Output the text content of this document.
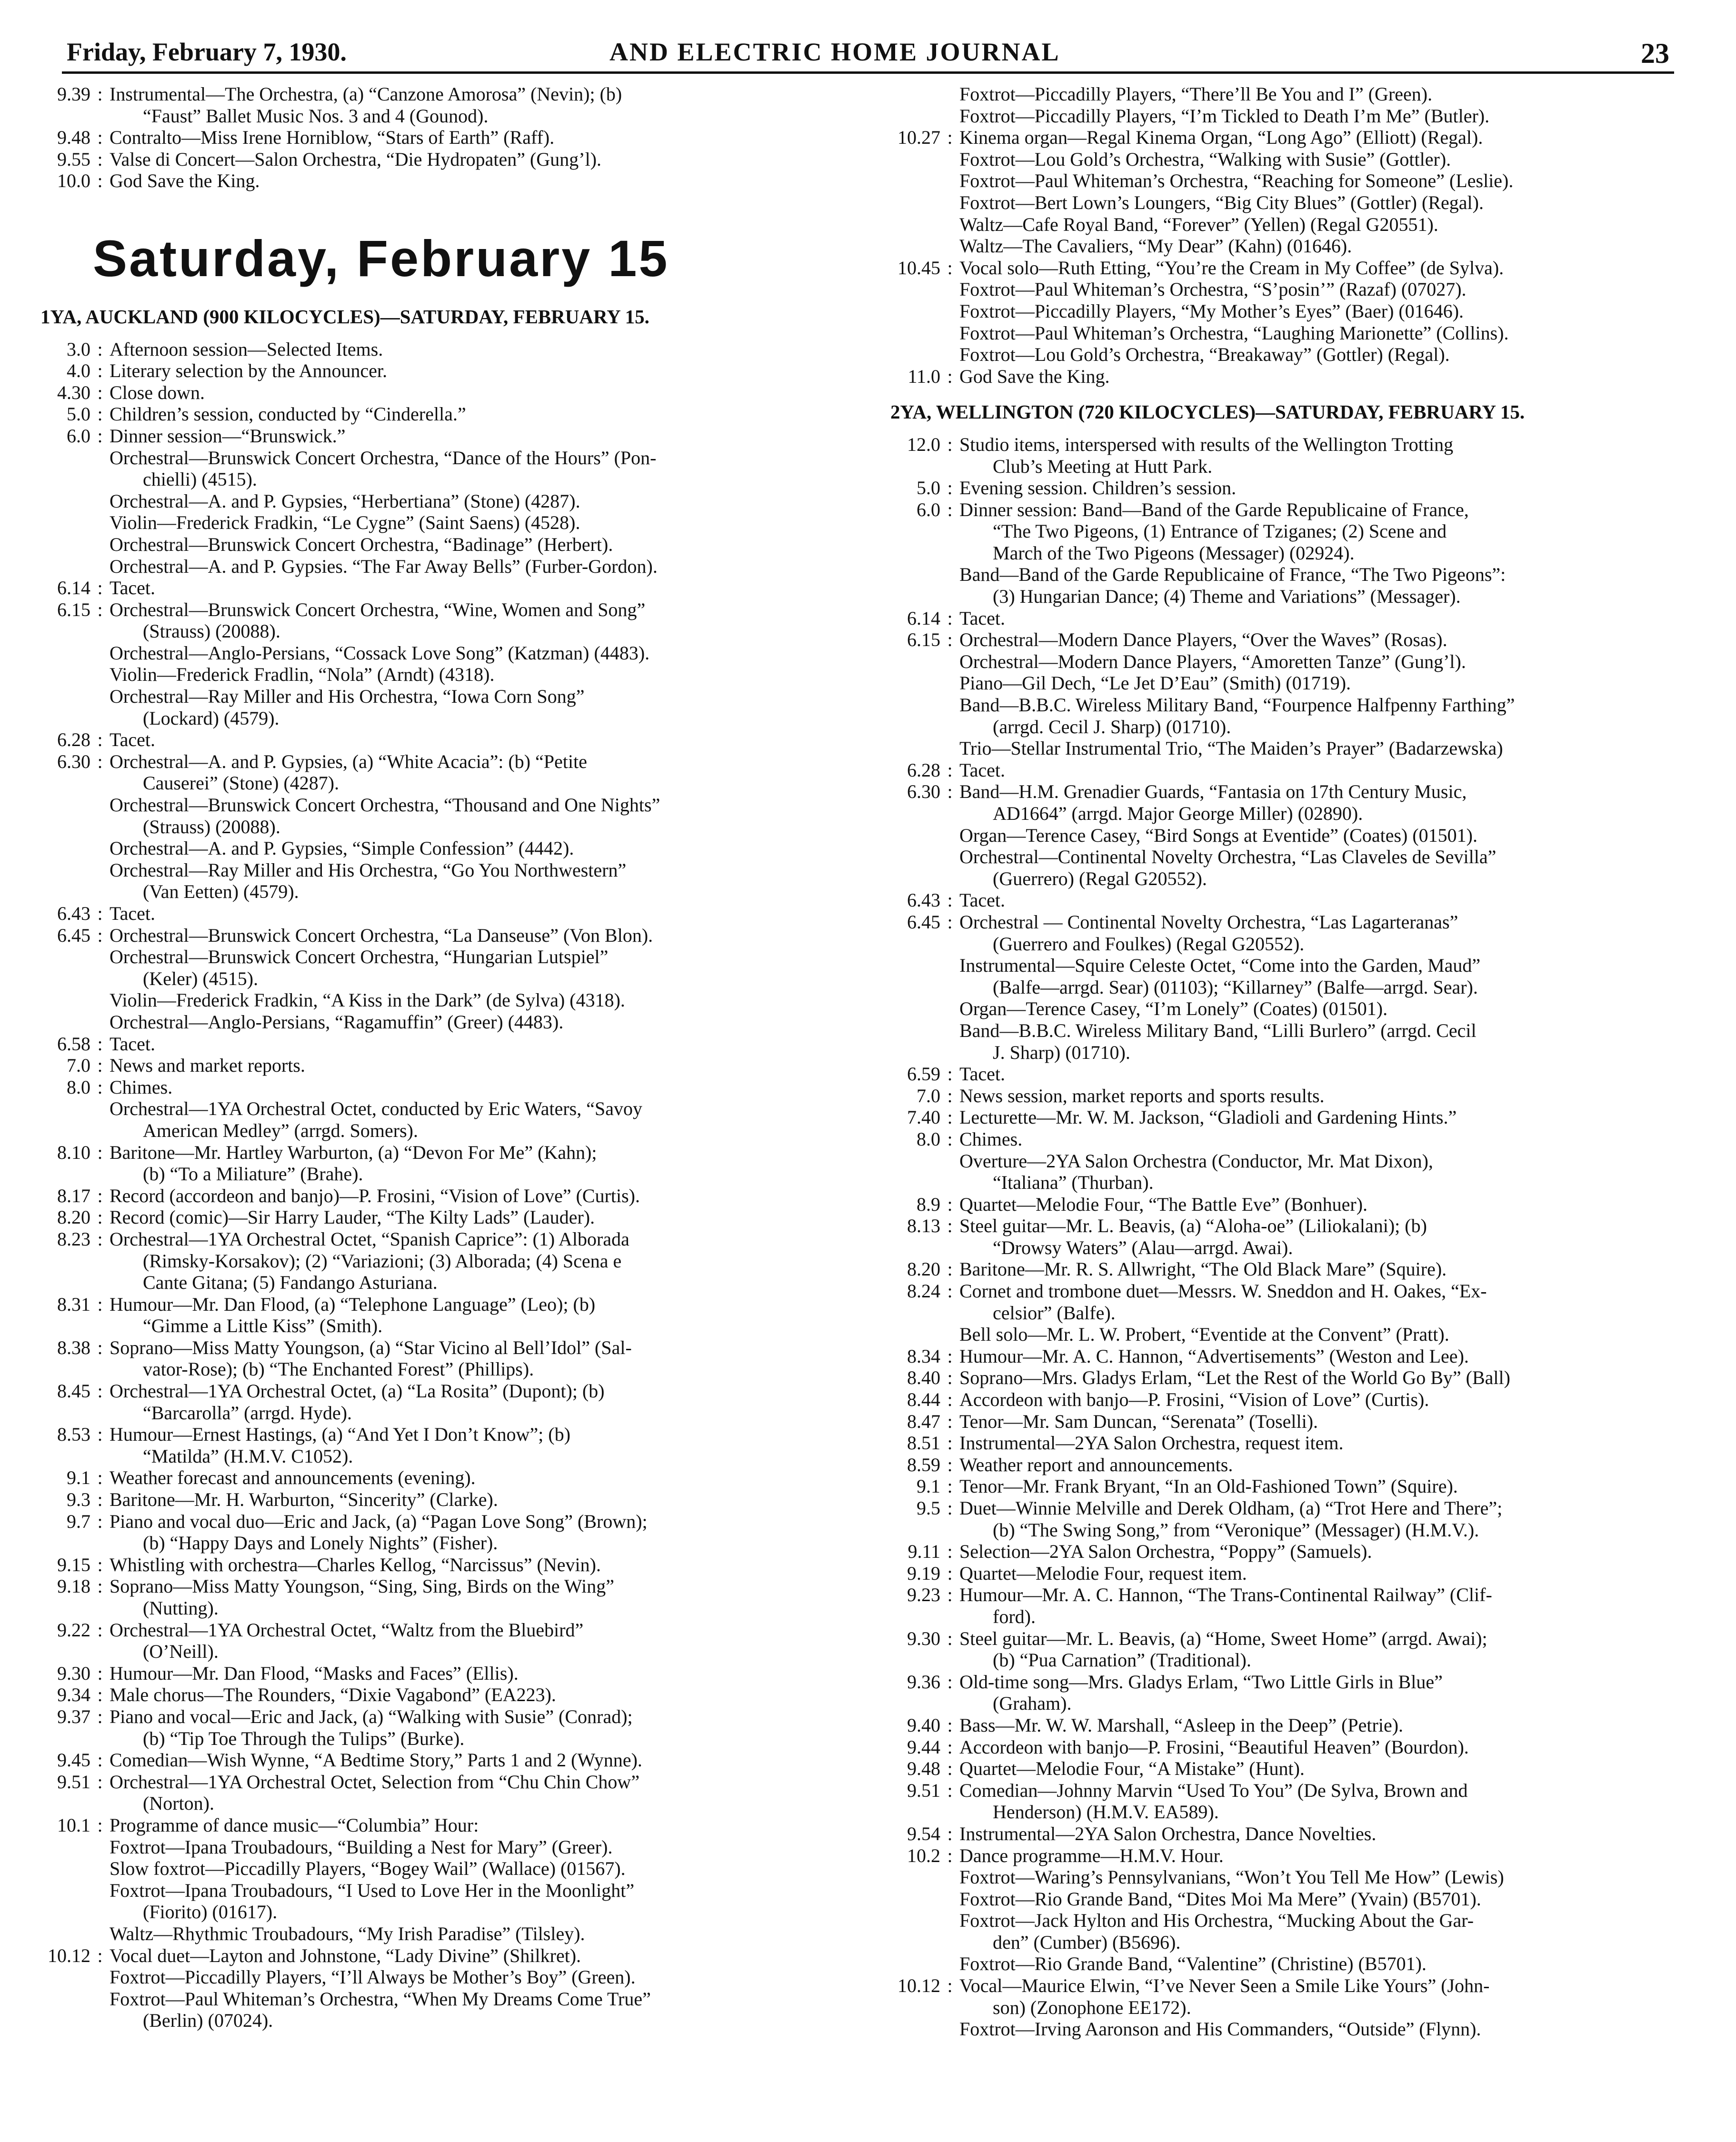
Friday, February 7, 1930.	AND ELECTRIC HOME JOURNAL	23
9.39 : Instrumental—The Orchestra, (a) “Canzone Amorosa” (Nevin); (b)
“Faust” Ballet Music Nos. 3 and 4 (Gounod).
9.48 : Contralto—Miss Irene Horniblow, “Stars of Earth” (Raff).
9.55 : Valse di Concert—Salon Orchestra, “Die Hydropaten” (Gung’l).
10.0 : God Save the King.
Saturday, February 15
1YA, AUCKLAND (900 KILOCYCLES)—SATURDAY, FEBRUARY 15.
3.0 : Afternoon session—Selected Items.
4.0 : Literary selection by the Announcer.
4.30 : Close down.
5.0 : Children’s session, conducted by “Cinderella.”
6.0 : Dinner session—“Brunswick.”
Orchestral—Brunswick Concert Orchestra, “Dance of the Hours” (Pon-
chielli) (4515).
Orchestral—A. and P. Gypsies, “Herbertiana” (Stone) (4287).
Violin—Frederick Fradkin, “Le Cygne” (Saint Saens) (4528).
Orchestral—Brunswick Concert Orchestra, “Badinage” (Herbert).
Orchestral—A. and P. Gypsies. “The Far Away Bells” (Furber-Gordon).
6.14 : Tacet.
6.15 : Orchestral—Brunswick Concert Orchestra, “Wine, Women and Song”
(Strauss) (20088).
Orchestral—Anglo-Persians, “Cossack Love Song” (Katzman) (4483).
Violin—Frederick Fradlin, “Nola” (Arndt) (4318).
Orchestral—Ray Miller and His Orchestra, “Iowa Corn Song”
(Lockard) (4579).
6.28 : Tacet.
6.30 : Orchestral—A. and P. Gypsies, (a) “White Acacia”: (b) “Petite
Causerei” (Stone) (4287).
Orchestral—Brunswick Concert Orchestra, “Thousand and One Nights”
(Strauss) (20088).
Orchestral—A. and P. Gypsies, “Simple Confession” (4442).
Orchestral—Ray Miller and His Orchestra, “Go You Northwestern”
(Van Eetten) (4579).
6.43 : Tacet.
6.45 : Orchestral—Brunswick Concert Orchestra, “La Danseuse” (Von Blon).
Orchestral—Brunswick Concert Orchestra, “Hungarian Lutspiel”
(Keler) (4515).
Violin—Frederick Fradkin, “A Kiss in the Dark” (de Sylva) (4318).
Orchestral—Anglo-Persians, “Ragamuffin” (Greer) (4483).
6.58 : Tacet.
7.0 : News and market reports.
8.0 : Chimes.
Orchestral—1YA Orchestral Octet, conducted by Eric Waters, “Savoy
American Medley” (arrgd. Somers).
8.10 : Baritone—Mr. Hartley Warburton, (a) “Devon For Me” (Kahn);
(b) “To a Miliature” (Brahe).
8.17 : Record (accordeon and banjo)—P. Frosini, “Vision of Love” (Curtis).
8.20 : Record (comic)—Sir Harry Lauder, “The Kilty Lads” (Lauder).
8.23 : Orchestral—1YA Orchestral Octet, “Spanish Caprice”: (1) Alborada
(Rimsky-Korsakov); (2) “Variazioni; (3) Alborada; (4) Scena e
Cante Gitana; (5) Fandango Asturiana.
8.31 : Humour—Mr. Dan Flood, (a) “Telephone Language” (Leo); (b)
“Gimme a Little Kiss” (Smith).
8.38 : Soprano—Miss Matty Youngson, (a) “Star Vicino al Bell’Idol” (Sal-
vator-Rose); (b) “The Enchanted Forest” (Phillips).
8.45 : Orchestral—1YA Orchestral Octet, (a) “La Rosita” (Dupont); (b)
“Barcarolla” (arrgd. Hyde).
8.53 : Humour—Ernest Hastings, (a) “And Yet I Don’t Know”; (b)
“Matilda” (H.M.V. C1052).
9.1 : Weather forecast and announcements (evening).
9.3 : Baritone—Mr. H. Warburton, “Sincerity” (Clarke).
9.7 : Piano and vocal duo—Eric and Jack, (a) “Pagan Love Song” (Brown);
(b) “Happy Days and Lonely Nights” (Fisher).
9.15 : Whistling with orchestra—Charles Kellog, “Narcissus” (Nevin).
9.18 : Soprano—Miss Matty Youngson, “Sing, Sing, Birds on the Wing”
(Nutting).
9.22 : Orchestral—1YA Orchestral Octet, “Waltz from the Bluebird”
(O’Neill).
9.30 : Humour—Mr. Dan Flood, “Masks and Faces” (Ellis).
9.34 : Male chorus—The Rounders, “Dixie Vagabond” (EA223).
9.37 : Piano and vocal—Eric and Jack, (a) “Walking with Susie” (Conrad);
(b) “Tip Toe Through the Tulips” (Burke).
9.45 : Comedian—Wish Wynne, “A Bedtime Story,” Parts 1 and 2 (Wynne).
9.51 : Orchestral—1YA Orchestral Octet, Selection from “Chu Chin Chow”
(Norton).
10.1 : Programme of dance music—“Columbia” Hour:
Foxtrot—Ipana Troubadours, “Building a Nest for Mary” (Greer).
Slow foxtrot—Piccadilly Players, “Bogey Wail” (Wallace) (01567).
Foxtrot—Ipana Troubadours, “I Used to Love Her in the Moonlight”
(Fiorito) (01617).
Waltz—Rhythmic Troubadours, “My Irish Paradise” (Tilsley).
10.12 : Vocal duet—Layton and Johnstone, “Lady Divine” (Shilkret).
Foxtrot—Piccadilly Players, “I’ll Always be Mother’s Boy” (Green).
Foxtrot—Paul Whiteman’s Orchestra, “When My Dreams Come True”
(Berlin) (07024).
Foxtrot—Piccadilly Players, “There’ll Be You and I” (Green).
Foxtrot—Piccadilly Players, “I’m Tickled to Death I’m Me” (Butler).
10.27 : Kinema organ—Regal Kinema Organ, “Long Ago” (Elliott) (Regal).
Foxtrot—Lou Gold’s Orchestra, “Walking with Susie” (Gottler).
Foxtrot—Paul Whiteman’s Orchestra, “Reaching for Someone” (Leslie).
Foxtrot—Bert Lown’s Loungers, “Big City Blues” (Gottler) (Regal).
Waltz—Cafe Royal Band, “Forever” (Yellen) (Regal G20551).
Waltz—The Cavaliers, “My Dear” (Kahn) (01646).
10.45 : Vocal solo—Ruth Etting, “You’re the Cream in My Coffee” (de Sylva).
Foxtrot—Paul Whiteman’s Orchestra, “S’posin’” (Razaf) (07027).
Foxtrot—Piccadilly Players, “My Mother’s Eyes” (Baer) (01646).
Foxtrot—Paul Whiteman’s Orchestra, “Laughing Marionette” (Collins).
Foxtrot—Lou Gold’s Orchestra, “Breakaway” (Gottler) (Regal).
11.0 : God Save the King.
2YA, WELLINGTON (720 KILOCYCLES)—SATURDAY, FEBRUARY 15.
12.0 : Studio items, interspersed with results of the Wellington Trotting
Club’s Meeting at Hutt Park.
5.0 : Evening session. Children’s session.
6.0 : Dinner session: Band—Band of the Garde Republicaine of France,
“The Two Pigeons, (1) Entrance of Tziganes; (2) Scene and
March of the Two Pigeons (Messager) (02924).
Band—Band of the Garde Republicaine of France, “The Two Pigeons”:
(3) Hungarian Dance; (4) Theme and Variations” (Messager).
6.14 : Tacet.
6.15 : Orchestral—Modern Dance Players, “Over the Waves” (Rosas).
Orchestral—Modern Dance Players, “Amoretten Tanze” (Gung’l).
Piano—Gil Dech, “Le Jet D’Eau” (Smith) (01719).
Band—B.B.C. Wireless Military Band, “Fourpence Halfpenny Farthing”
(arrgd. Cecil J. Sharp) (01710).
Trio—Stellar Instrumental Trio, “The Maiden’s Prayer” (Badarzewska)
6.28 : Tacet.
6.30 : Band—H.M. Grenadier Guards, “Fantasia on 17th Century Music,
AD1664” (arrgd. Major George Miller) (02890).
Organ—Terence Casey, “Bird Songs at Eventide” (Coates) (01501).
Orchestral—Continental Novelty Orchestra, “Las Claveles de Sevilla”
(Guerrero) (Regal G20552).
6.43 : Tacet.
6.45 : Orchestral — Continental Novelty Orchestra, “Las Lagarteranas”
(Guerrero and Foulkes) (Regal G20552).
Instrumental—Squire Celeste Octet, “Come into the Garden, Maud”
(Balfe—arrgd. Sear) (01103); “Killarney” (Balfe—arrgd. Sear).
Organ—Terence Casey, “I’m Lonely” (Coates) (01501).
Band—B.B.C. Wireless Military Band, “Lilli Burlero” (arrgd. Cecil
J. Sharp) (01710).
6.59 : Tacet.
7.0 : News session, market reports and sports results.
7.40 : Lecturette—Mr. W. M. Jackson, “Gladioli and Gardening Hints.”
8.0 : Chimes.
Overture—2YA Salon Orchestra (Conductor, Mr. Mat Dixon),
“Italiana” (Thurban).
8.9 : Quartet—Melodie Four, “The Battle Eve” (Bonhuer).
8.13 : Steel guitar—Mr. L. Beavis, (a) “Aloha-oe” (Liliokalani); (b)
“Drowsy Waters” (Alau—arrgd. Awai).
8.20 : Baritone—Mr. R. S. Allwright, “The Old Black Mare” (Squire).
8.24 : Cornet and trombone duet—Messrs. W. Sneddon and H. Oakes, “Ex-
celsior” (Balfe).
Bell solo—Mr. L. W. Probert, “Eventide at the Convent” (Pratt).
8.34 : Humour—Mr. A. C. Hannon, “Advertisements” (Weston and Lee).
8.40 : Soprano—Mrs. Gladys Erlam, “Let the Rest of the World Go By” (Ball)
8.44 : Accordeon with banjo—P. Frosini, “Vision of Love” (Curtis).
8.47 : Tenor—Mr. Sam Duncan, “Serenata” (Toselli).
8.51 : Instrumental—2YA Salon Orchestra, request item.
8.59 : Weather report and announcements.
9.1 : Tenor—Mr. Frank Bryant, “In an Old-Fashioned Town” (Squire).
9.5 : Duet—Winnie Melville and Derek Oldham, (a) “Trot Here and There”;
(b) “The Swing Song,” from “Veronique” (Messager) (H.M.V.).
9.11 : Selection—2YA Salon Orchestra, “Poppy” (Samuels).
9.19 : Quartet—Melodie Four, request item.
9.23 : Humour—Mr. A. C. Hannon, “The Trans-Continental Railway” (Clif-
ford).
9.30 : Steel guitar—Mr. L. Beavis, (a) “Home, Sweet Home” (arrgd. Awai);
(b) “Pua Carnation” (Traditional).
9.36 : Old-time song—Mrs. Gladys Erlam, “Two Little Girls in Blue”
(Graham).
9.40 : Bass—Mr. W. W. Marshall, “Asleep in the Deep” (Petrie).
9.44 : Accordeon with banjo—P. Frosini, “Beautiful Heaven” (Bourdon).
9.48 : Quartet—Melodie Four, “A Mistake” (Hunt).
9.51 : Comedian—Johnny Marvin “Used To You” (De Sylva, Brown and
Henderson) (H.M.V. EA589).
9.54 : Instrumental—2YA Salon Orchestra, Dance Novelties.
10.2 : Dance programme—H.M.V. Hour.
Foxtrot—Waring’s Pennsylvanians, “Won’t You Tell Me How” (Lewis)
Foxtrot—Rio Grande Band, “Dites Moi Ma Mere” (Yvain) (B5701).
Foxtrot—Jack Hylton and His Orchestra, “Mucking About the Gar-
den” (Cumber) (B5696).
Foxtrot—Rio Grande Band, “Valentine” (Christine) (B5701).
10.12 : Vocal—Maurice Elwin, “I’ve Never Seen a Smile Like Yours” (John-
son) (Zonophone EE172).
Foxtrot—Irving Aaronson and His Commanders, “Outside” (Flynn).
